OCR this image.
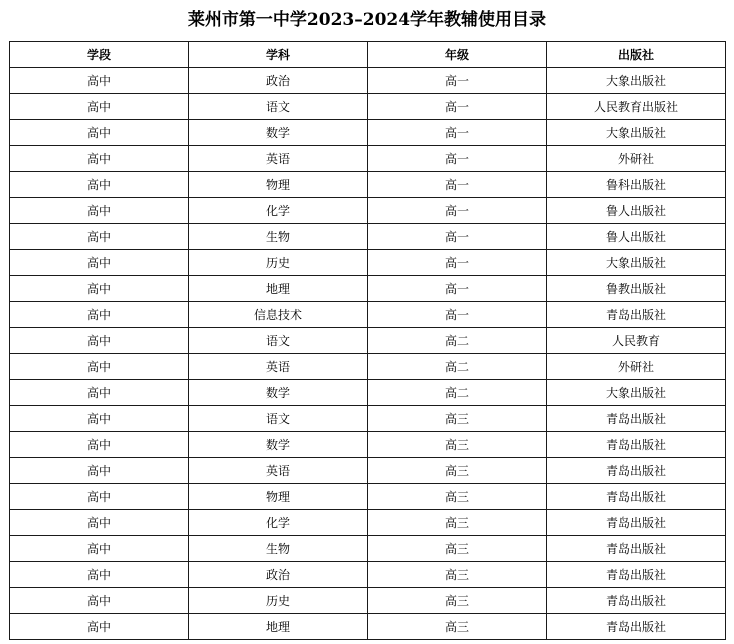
莱州市第一中学2023–2024学年教辅使用目录
学段	学科	年级	出版社
高中	政治	高一	大象出版社
高中	语文	高一	人民教育出版社
高中	数学	高一	大象出版社
高中	英语	高一	外研社
高中	物理	高一	鲁科出版社
高中	化学	高一	鲁人出版社
高中	生物	高一	鲁人出版社
高中	历史	高一	大象出版社
高中	地理	高一	鲁教出版社
高中	信息技术	高一	青岛出版社
高中	语文	高二	人民教育
高中	英语	高二	外研社
高中	数学	高二	大象出版社
高中	语文	高三	青岛出版社
高中	数学	高三	青岛出版社
高中	英语	高三	青岛出版社
高中	物理	高三	青岛出版社
高中	化学	高三	青岛出版社
高中	生物	高三	青岛出版社
高中	政治	高三	青岛出版社
高中	历史	高三	青岛出版社
高中	地理	高三	青岛出版社
